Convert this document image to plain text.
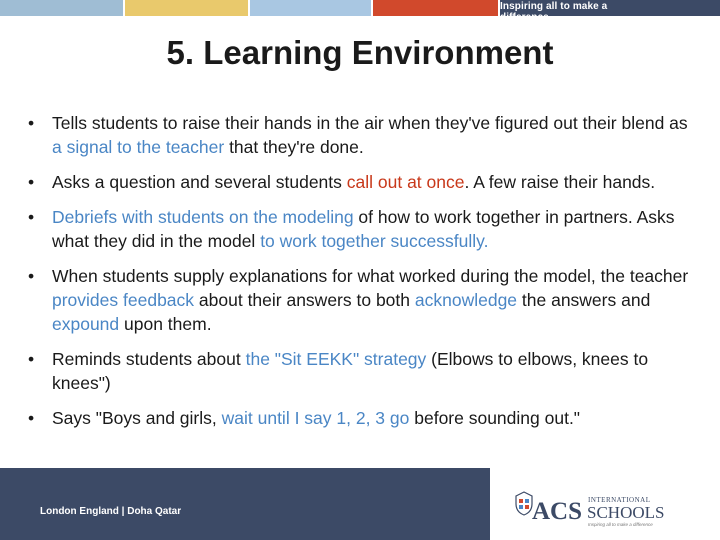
Inspiring all to make a difference
5. Learning Environment
• Tells students to raise their hands in the air when they've figured out their blend as a signal to the teacher that they're done.
• Asks a question and several students call out at once. A few raise their hands.
• Debriefs with students on the modeling of how to work together in partners. Asks what they did in the model to work together successfully.
• When students supply explanations for what worked during the model, the teacher provides feedback about their answers to both acknowledge the answers and expound upon them.
• Reminds students about the "Sit EEKK" strategy (Elbows to elbows, knees to knees")
• Says "Boys and girls, wait until I say 1, 2, 3 go before sounding out."
London England | Doha Qatar	ACS INTERNATIONAL
SCHOOLS
Inspiring all to make a difference
